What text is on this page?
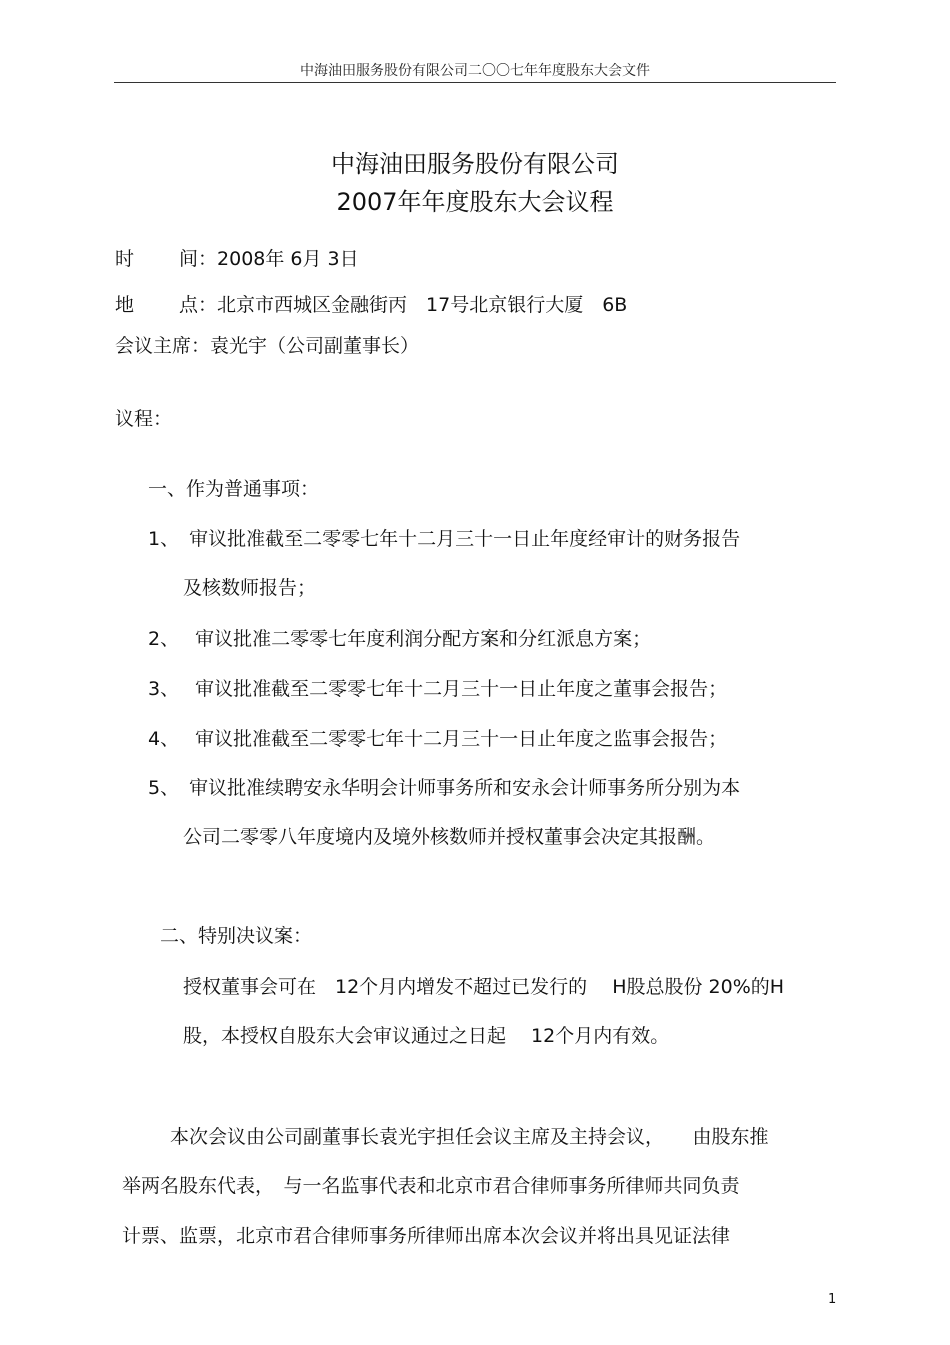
中海油田服务股份有限公司二〇〇七年年度股东大会文件
中海油田服务股份有限公司
2007年年度股东大会议程
时 间：2008年 6月 3日
地 点：北京市西城区金融街丙　17号北京银行大厦　6B
会议主席：袁光宇（公司副董事长）
议程：
一、作为普通事项：
1、 审议批准截至二零零七年十二月三十一日止年度经审计的财务报告
及核数师报告；
2、 审议批准二零零七年度利润分配方案和分红派息方案；
3、 审议批准截至二零零七年十二月三十一日止年度之董事会报告；
4、 审议批准截至二零零七年十二月三十一日止年度之监事会报告；
5、 审议批准续聘安永华明会计师事务所和安永会计师事务所分别为本
公司二零零八年度境内及境外核数师并授权董事会决定其报酬。
二、特别决议案：
授权董事会可在　12个月内增发不超过已发行的　 H股总股份 20%的H
股，本授权自股东大会审议通过之日起　 12个月内有效。
本次会议由公司副董事长袁光宇担任会议主席及主持会议，　　由股东推
举两名股东代表，　与一名监事代表和北京市君合律师事务所律师共同负责
计票、监票，北京市君合律师事务所律师出席本次会议并将出具见证法律
1
